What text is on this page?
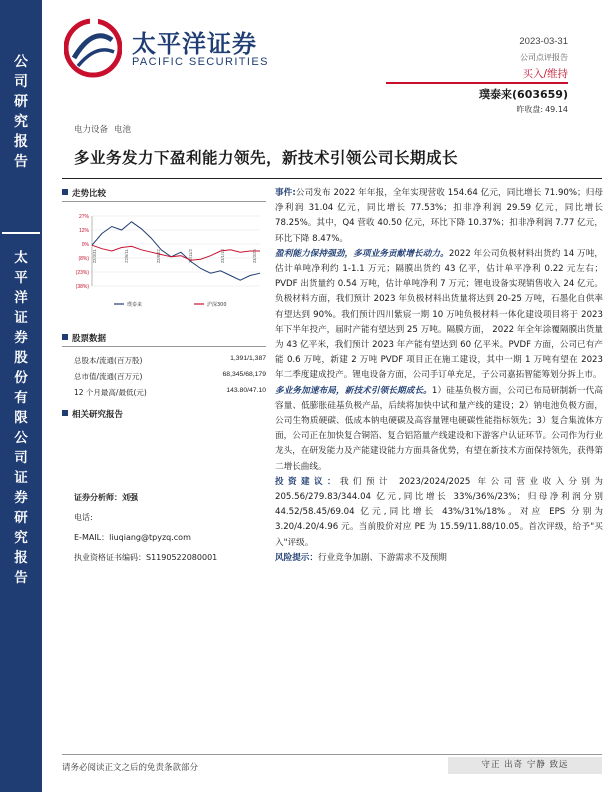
公
司
研
究
报
告
太
平
洋
证
券
股
份
有
限
公
司
证
券
研
究
报
告
太平洋证券
PACIFIC SECURITIES
2023-03-31
公司点评报告
买入/维持
璞泰来(603659)
昨收盘: 49.14
电力设备 电池
多业务发力下盈利能力领先，新技术引领公司长期成长
走势比较
27%
12%
0%
(8%)
(23%)
(38%)
22/3/31	22/6/11	22/8/22	22/11/2	23/1/13	23/3/26
璞泰来	沪深300
股票数据
总股本/流通(百万股)	1,391/1,387
总市值/流通(百万元)	68,345/68,179
12 个月最高/最低(元)	143.80/47.10
相关研究报告
证券分析师：刘强
电话:
E-MAIL：liuqiang@tpyzq.com
执业资格证书编码：S1190522080001

事件:公司发布 2022 年年报，全年实现营收 154.64 亿元，同比增长 71.90%；归母净利润 31.04 亿元，同比增长 77.53%；扣非净利润 29.59 亿元，同比增长 78.25%。其中，Q4 营收 40.50 亿元，环比下降 10.37%；扣非净利润 7.77 亿元，环比下降 8.47%。

盈利能力保持强劲，多项业务贡献增长动力。2022 年公司负极材料出货约 14 万吨，估计单吨净利约 1-1.1 万元；隔膜出货约 43 亿平，估计单平净利 0.22 元左右；PVDF 出货量约 0.54 万吨，估计单吨净利 7 万元；锂电设备实现销售收入 24 亿元。负极材料方面，我们预计 2023 年负极材料出货量将达到 20-25 万吨，石墨化自供率有望达到 90%。我们预计四川紫宸一期 10 万吨负极材料一体化建设项目将于 2023 年下半年投产，届时产能有望达到 25 万吨。隔膜方面， 2022 年全年涂覆隔膜出货量为 43 亿平米，我们预计 2023 年产能有望达到 60 亿平米。PVDF 方面，公司已有产能 0.6 万吨，新建 2 万吨 PVDF 项目正在施工建设，其中一期 1 万吨有望在 2023 年二季度建成投产。锂电设备方面，公司手订单充足，子公司嘉拓智能筹划分拆上市。

多业务加速布局，新技术引领长期成长。1）硅基负极方面，公司已布局研制新一代高容量、低膨胀硅基负极产品，后续将加快中试和量产线的建设；2）钠电池负极方面，公司生物质硬碳、低成本钠电硬碳及高容量锂电硬碳性能指标领先；3）复合集流体方面，公司正在加快复合铜箔、复合铝箔量产线建设和下游客户认证环节。公司作为行业龙头，在研发能力及产能建设能力方面具备优势，有望在新技术方面保持领先，获得第二增长曲线。

投资建议：我们预计 2023/2024/2025 年公司营业收入分别为 205.56/279.83/344.04 亿元,同比增长 33%/36%/23%；归母净利润分别 44.52/58.45/69.04 亿元,同比增长 43%/31%/18%。对应 EPS 分别为 3.20/4.20/4.96 元。当前股价对应 PE 为 15.59/11.88/10.05。首次评级，给予"买入"评级。

风险提示：行业竞争加剧、下游需求不及预期

请务必阅读正文之后的免责条款部分	守正 出奇 宁静 致远
